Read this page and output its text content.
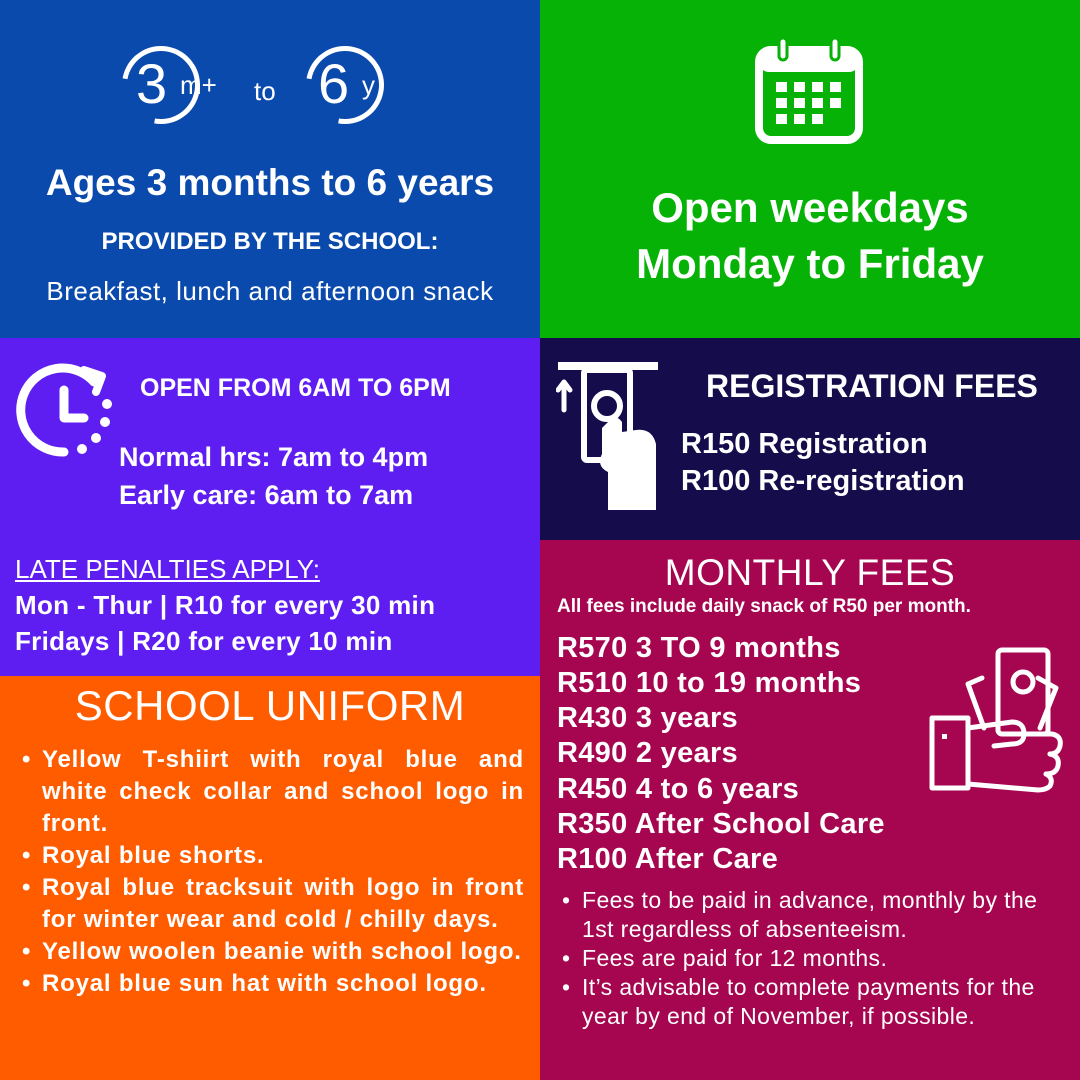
3 m+ to 6 y
Ages 3 months to 6 years
PROVIDED BY THE SCHOOL:
Breakfast, lunch and afternoon snack
Open weekdays
Monday to Friday
OPEN FROM 6AM TO 6PM
Normal hrs: 7am to 4pm
Early care: 6am to 7am
LATE PENALTIES APPLY:
Mon - Thur | R10 for every 30 min
Fridays | R20 for every 10 min
REGISTRATION FEES
R150 Registration
R100 Re-registration
MONTHLY FEES
All fees include daily snack of R50 per month.
R570 3 TO 9 months
R510 10 to 19 months
R430 3 years
R490 2 years
R450 4 to 6 years
R350 After School Care
R100 After Care
• Fees to be paid in advance, monthly by the 1st regardless of absenteeism.
• Fees are paid for 12 months.
• It’s advisable to complete payments for the year by end of November, if possible.
SCHOOL UNIFORM
• Yellow T-shiirt with royal blue and white check collar and school logo in front.
• Royal blue shorts.
• Royal blue tracksuit with logo in front for winter wear and cold / chilly days.
• Yellow woolen beanie with school logo.
• Royal blue sun hat with school logo.
